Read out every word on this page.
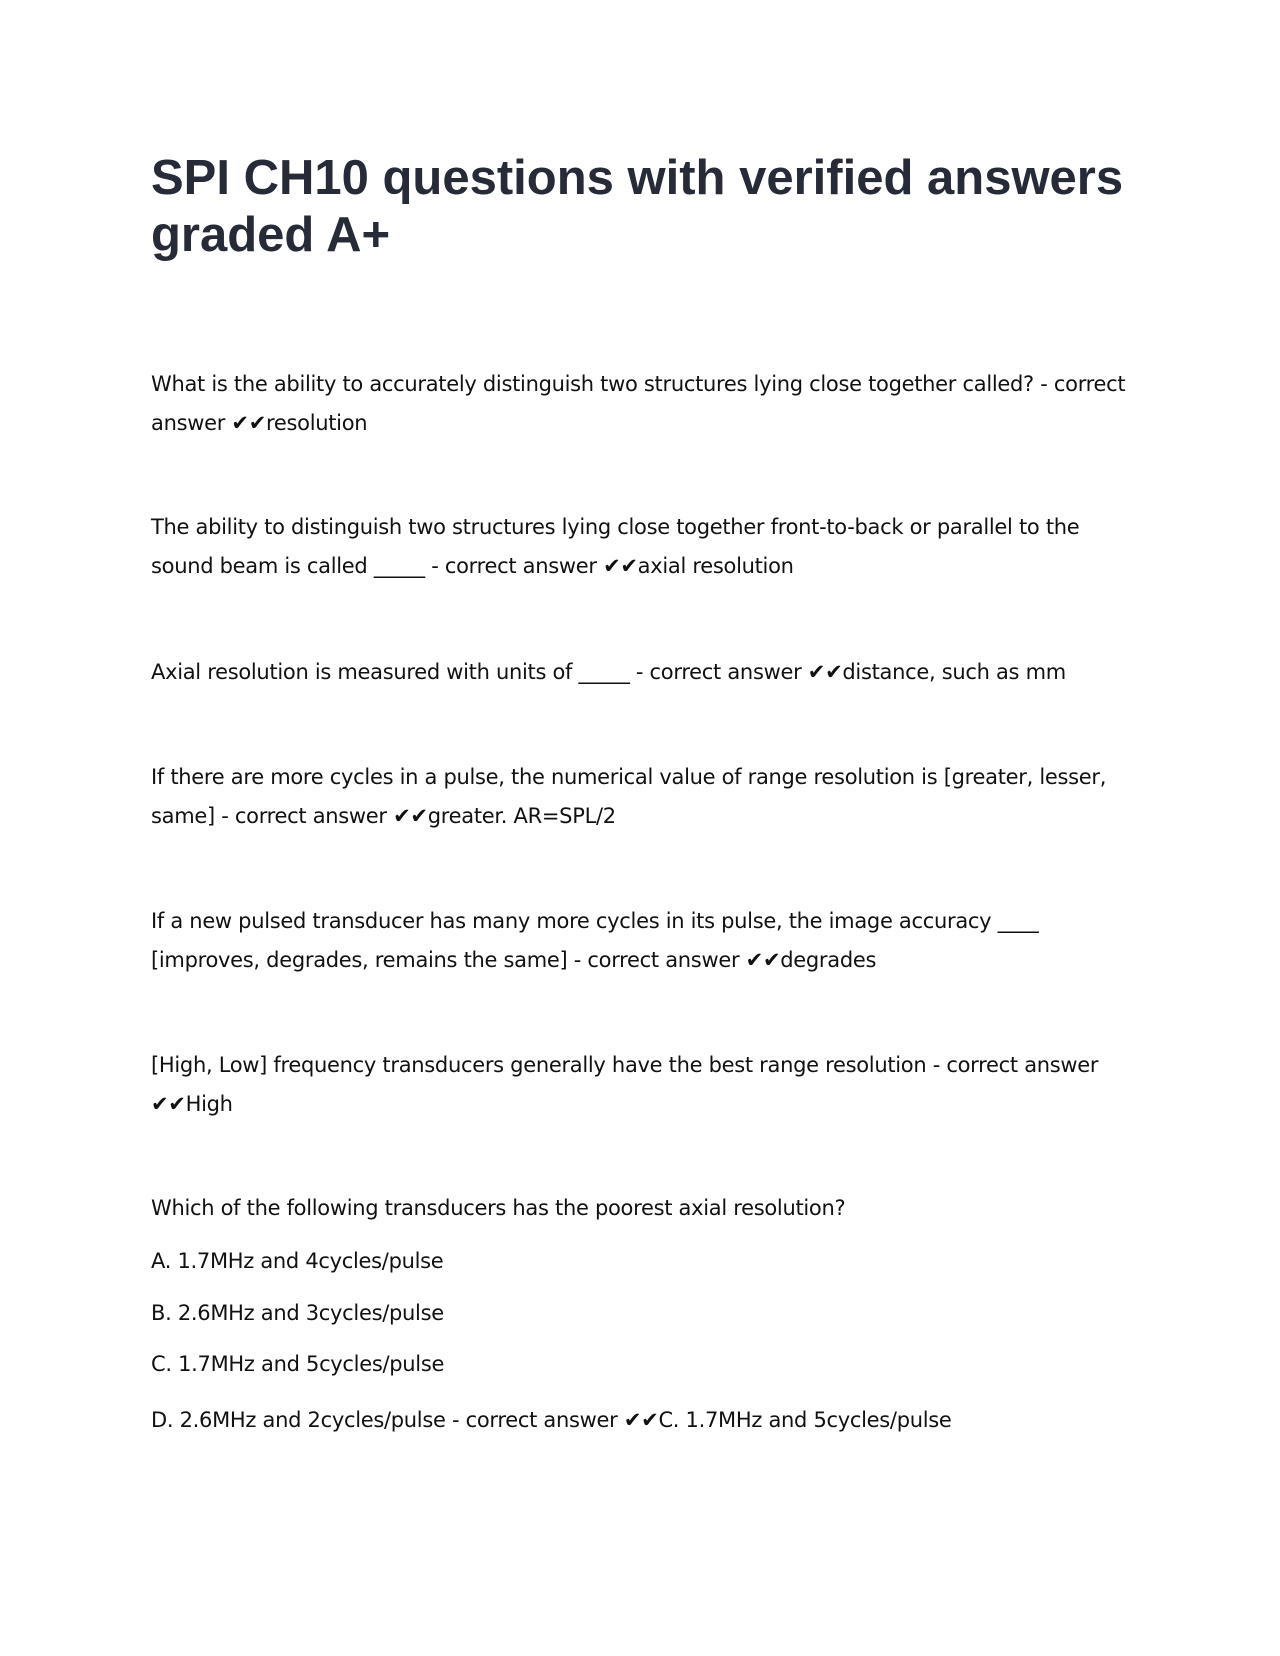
SPI CH10 questions with verified answers graded A+

What is the ability to accurately distinguish two structures lying close together called? - correct answer ✔✔resolution

The ability to distinguish two structures lying close together front-to-back or parallel to the sound beam is called _____ - correct answer ✔✔axial resolution

Axial resolution is measured with units of _____ - correct answer ✔✔distance, such as mm

If there are more cycles in a pulse, the numerical value of range resolution is [greater, lesser, same] - correct answer ✔✔greater. AR=SPL/2

If a new pulsed transducer has many more cycles in its pulse, the image accuracy ____ [improves, degrades, remains the same] - correct answer ✔✔degrades

[High, Low] frequency transducers generally have the best range resolution - correct answer ✔✔High

Which of the following transducers has the poorest axial resolution?

A. 1.7MHz and 4cycles/pulse

B. 2.6MHz and 3cycles/pulse

C. 1.7MHz and 5cycles/pulse

D. 2.6MHz and 2cycles/pulse - correct answer ✔✔C. 1.7MHz and 5cycles/pulse
